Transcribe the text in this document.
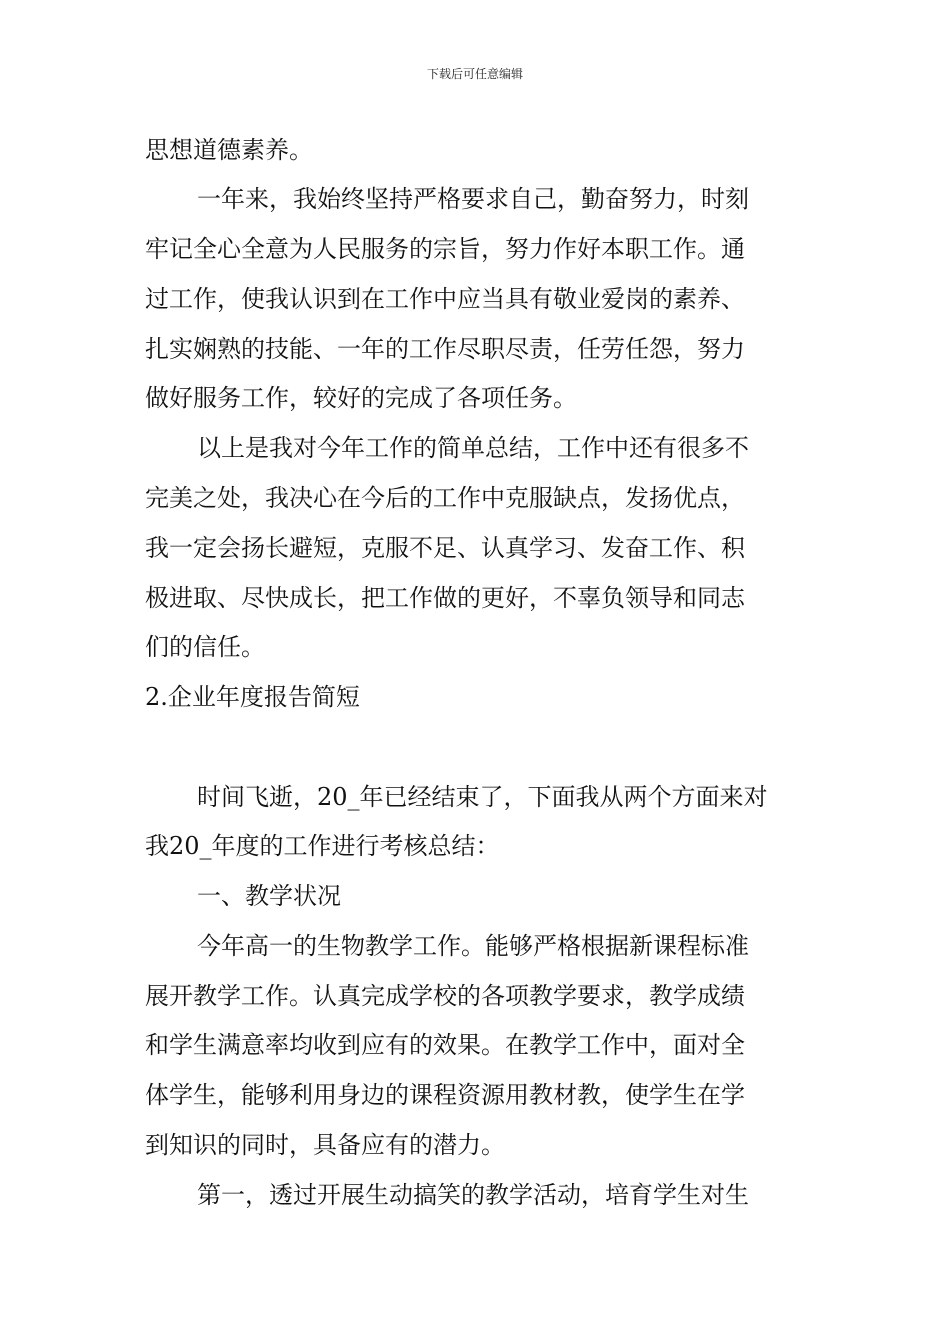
下载后可任意编辑
思想道德素养。
一年来，我始终坚持严格要求自己，勤奋努力，时刻
牢记全心全意为人民服务的宗旨，努力作好本职工作。通
过工作，使我认识到在工作中应当具有敬业爱岗的素养、
扎实娴熟的技能、一年的工作尽职尽责，任劳任怨，努力
做好服务工作，较好的完成了各项任务。
以上是我对今年工作的简单总结，工作中还有很多不
完美之处，我决心在今后的工作中克服缺点，发扬优点，
我一定会扬长避短，克服不足、认真学习、发奋工作、积
极进取、尽快成长，把工作做的更好，不辜负领导和同志
们的信任。
2.企业年度报告简短
时间飞逝，20_年已经结束了，下面我从两个方面来对
我20_年度的工作进行考核总结：
一、教学状况
今年高一的生物教学工作。能够严格根据新课程标准
展开教学工作。认真完成学校的各项教学要求，教学成绩
和学生满意率均收到应有的效果。在教学工作中，面对全
体学生，能够利用身边的课程资源用教材教，使学生在学
到知识的同时，具备应有的潜力。
第一，透过开展生动搞笑的教学活动，培育学生对生
